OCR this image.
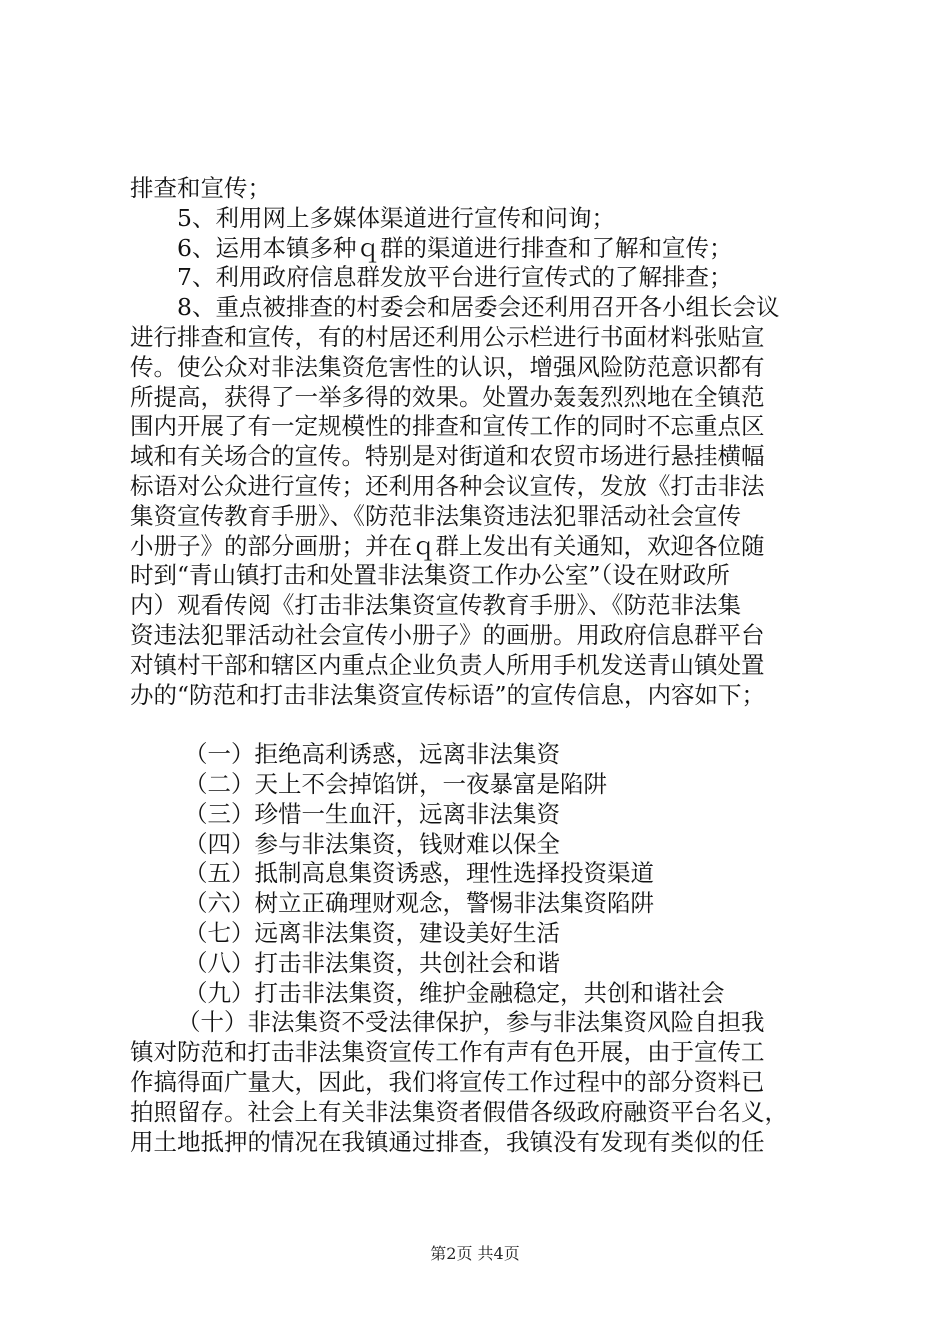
排查和宣传；
5、利用网上多媒体渠道进行宣传和问询；
6、运用本镇多种ｑ群的渠道进行排查和了解和宣传；
7、利用政府信息群发放平台进行宣传式的了解排查；
8、重点被排查的村委会和居委会还利用召开各小组长会议
进行排查和宣传，有的村居还利用公示栏进行书面材料张贴宣
传。使公众对非法集资危害性的认识，增强风险防范意识都有
所提高，获得了一举多得的效果。处置办轰轰烈烈地在全镇范
围内开展了有一定规模性的排查和宣传工作的同时不忘重点区
域和有关场合的宣传。特别是对街道和农贸市场进行悬挂横幅
标语对公众进行宣传；还利用各种会议宣传，发放《打击非法
集资宣传教育手册》、《防范非法集资违法犯罪活动社会宣传
小册子》的部分画册；并在ｑ群上发出有关通知，欢迎各位随
时到“青山镇打击和处置非法集资工作办公室”（设在财政所
内）观看传阅《打击非法集资宣传教育手册》、《防范非法集
资违法犯罪活动社会宣传小册子》的画册。用政府信息群平台
对镇村干部和辖区内重点企业负责人所用手机发送青山镇处置
办的“防范和打击非法集资宣传标语”的宣传信息，内容如下；
（一）拒绝高利诱惑，远离非法集资
（二）天上不会掉馅饼，一夜暴富是陷阱
（三）珍惜一生血汗，远离非法集资
（四）参与非法集资，钱财难以保全
（五）抵制高息集资诱惑，理性选择投资渠道
（六）树立正确理财观念，警惕非法集资陷阱
（七）远离非法集资，建设美好生活
（八）打击非法集资，共创社会和谐
（九）打击非法集资，维护金融稳定，共创和谐社会
（十）非法集资不受法律保护，参与非法集资风险自担我
镇对防范和打击非法集资宣传工作有声有色开展，由于宣传工
作搞得面广量大，因此，我们将宣传工作过程中的部分资料已
拍照留存。社会上有关非法集资者假借各级政府融资平台名义，
用土地抵押的情况在我镇通过排查，我镇没有发现有类似的任
第2页 共4页
